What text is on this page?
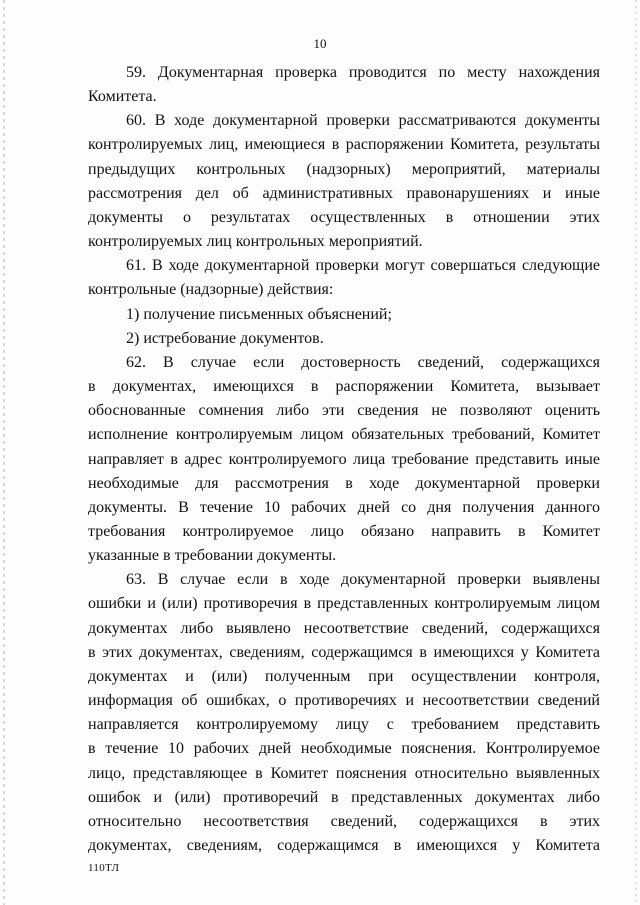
10

59. Документарная проверка проводится по месту нахождения
Комитета.

60. В ходе документарной проверки рассматриваются документы
контролируемых лиц, имеющиеся в распоряжении Комитета, результаты
предыдущих контрольных (надзорных) мероприятий, материалы
рассмотрения дел об административных правонарушениях и иные
документы о результатах осуществленных в отношении этих
контролируемых лиц контрольных мероприятий.

61. В ходе документарной проверки могут совершаться следующие
контрольные (надзорные) действия:

1) получение письменных объяснений;

2) истребование документов.

62. В случае если достоверность сведений, содержащихся
в документах, имеющихся в распоряжении Комитета, вызывает
обоснованные сомнения либо эти сведения не позволяют оценить
исполнение контролируемым лицом обязательных требований, Комитет
направляет в адрес контролируемого лица требование представить иные
необходимые для рассмотрения в ходе документарной проверки
документы. В течение 10 рабочих дней со дня получения данного
требования контролируемое лицо обязано направить в Комитет
указанные в требовании документы.

63. В случае если в ходе документарной проверки выявлены
ошибки и (или) противоречия в представленных контролируемым лицом
документах либо выявлено несоответствие сведений, содержащихся
в этих документах, сведениям, содержащимся в имеющихся у Комитета
документах и (или) полученным при осуществлении контроля,
информация об ошибках, о противоречиях и несоответствии сведений
направляется контролируемому лицу с требованием представить
в течение 10 рабочих дней необходимые пояснения. Контролируемое
лицо, представляющее в Комитет пояснения относительно выявленных
ошибок и (или) противоречий в представленных документах либо
относительно несоответствия сведений, содержащихся в этих
документах, сведениям, содержащимся в имеющихся у Комитета

110ТЛ
